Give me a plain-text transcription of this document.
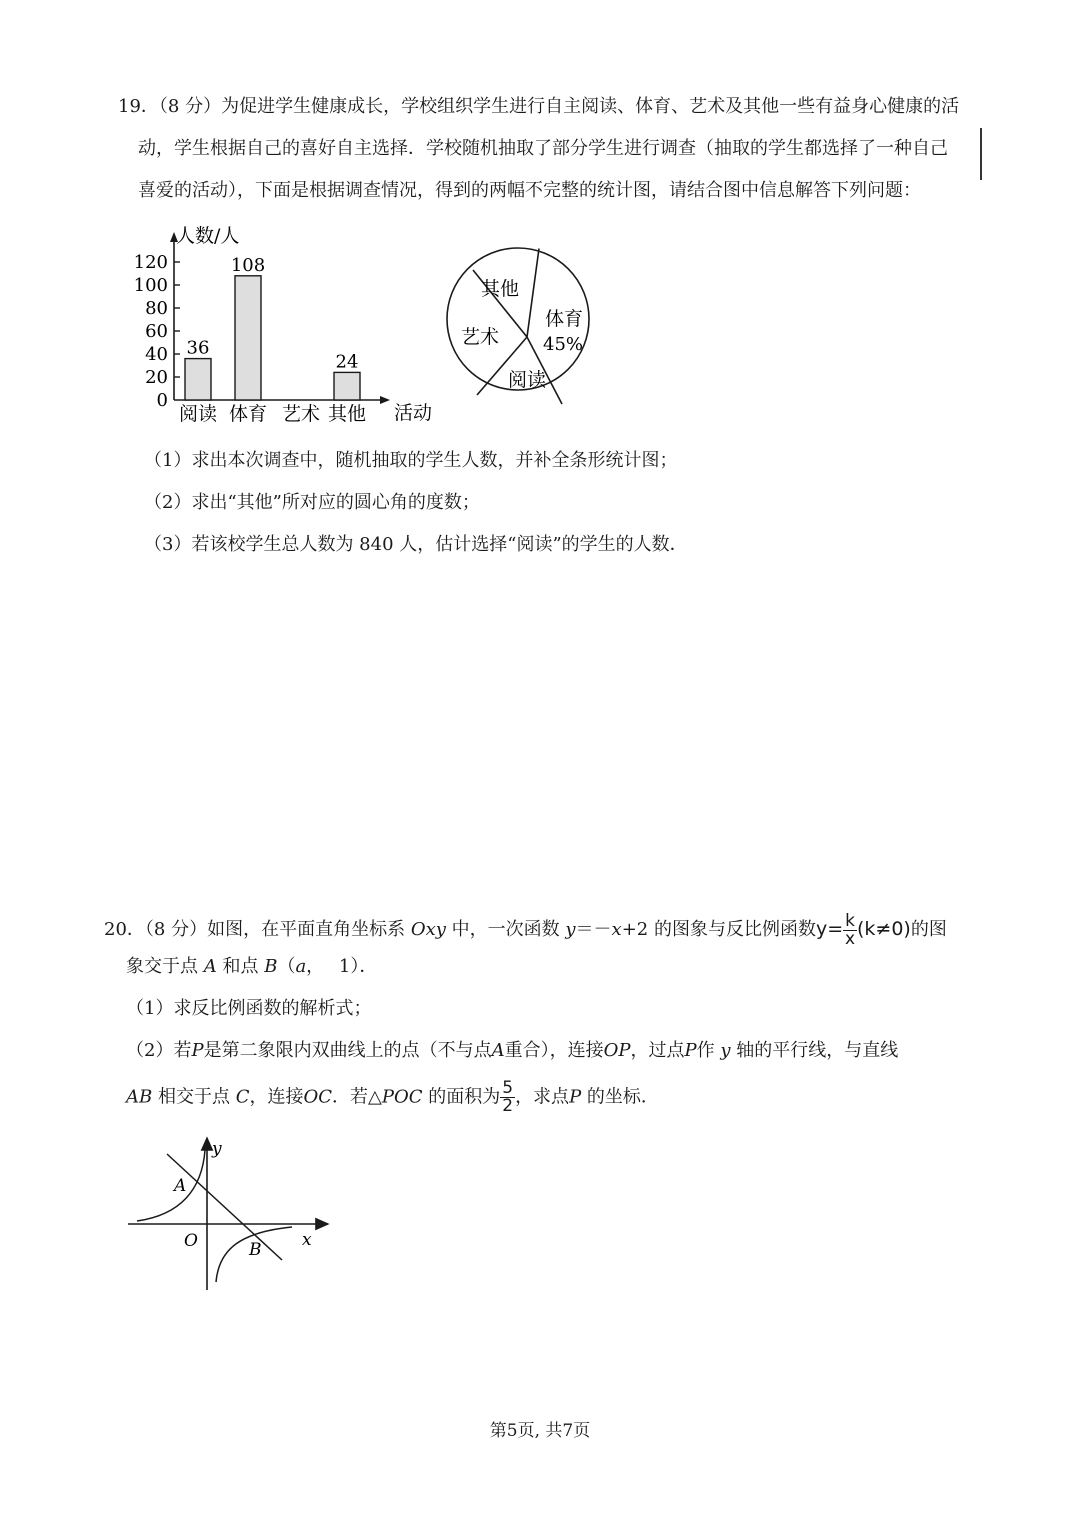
19．（8 分）为促进学生健康成长，学校组织学生进行自主阅读、体育、艺术及其他一些有益身心健康的活
动，学生根据自己的喜好自主选择．学校随机抽取了部分学生进行调查（抽取的学生都选择了一种自己
喜爱的活动），下面是根据调查情况，得到的两幅不完整的统计图，请结合图中信息解答下列问题：
0
20
40
60
80
100
120
36
阅读
108
体育 艺术
24
其他
人数/人
活动
其他
体育
45%
艺术
阅读
（1）求出本次调查中，随机抽取的学生人数，并补全条形统计图；
（2）求出“其他”所对应的圆心角的度数；
（3）若该校学生总人数为 840 人，估计选择“阅读”的学生的人数．
20．（8 分）如图，在平面直角坐标系 Oxy 中，一次函数 y＝－x+2 的图象与反比例函数$y= \frac{k}{x} (k\ne 0)$的图
象交于点 A 和点 B（a，　 1）．
（1）求反比例函数的解析式；
（2）若P是第二象限内双曲线上的点（不与点A重合），连接OP，过点P作 y 轴的平行线，与直线
AB 相交于点 C，连接OC．若△POC 的面积为 $\frac{5}{2}$ ，求点P 的坐标．
y
x
O
A
B
第5页, 共7页
